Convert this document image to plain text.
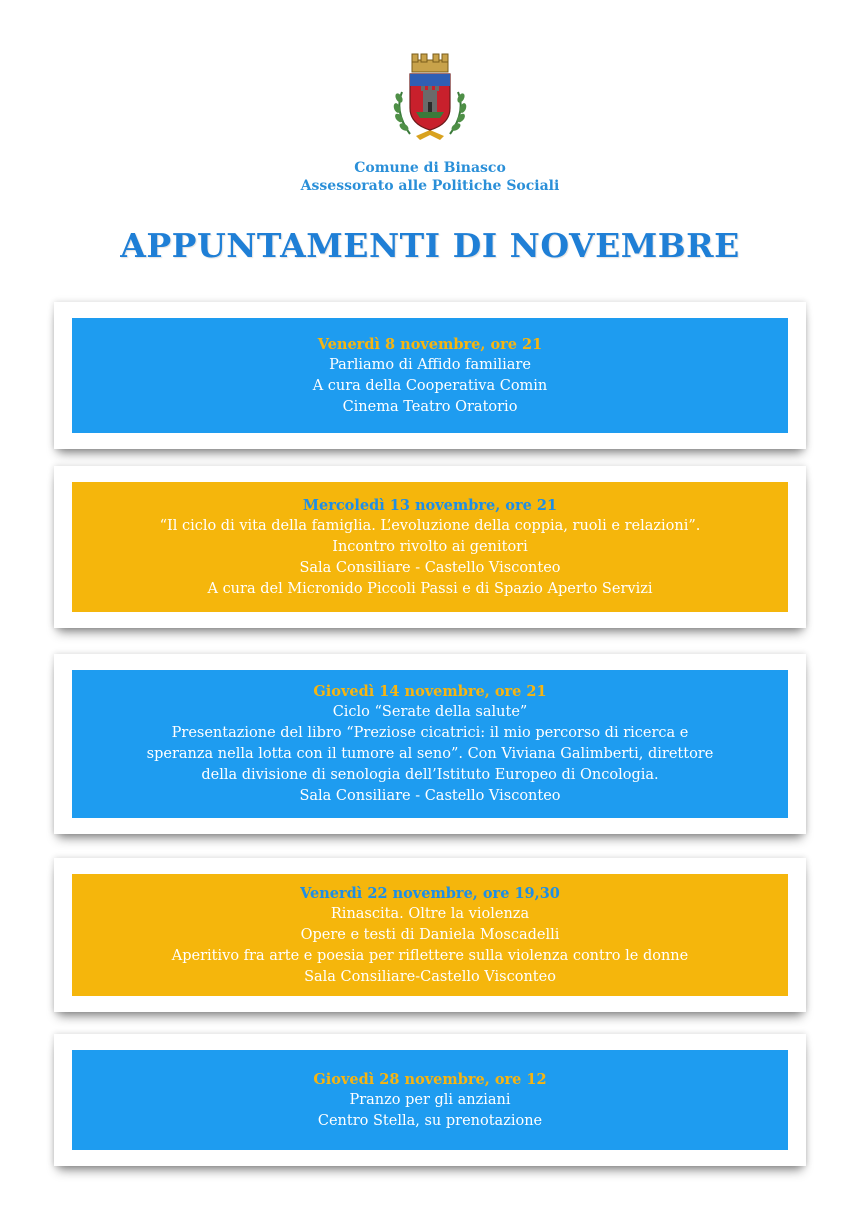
Comune di Binasco
Assessorato alle Politiche Sociali
APPUNTAMENTI DI NOVEMBRE
Venerdì 8 novembre, ore 21
Parliamo di Affido familiare
A cura della Cooperativa Comin
Cinema Teatro Oratorio
Mercoledì 13 novembre, ore 21
“Il ciclo di vita della famiglia. L’evoluzione della coppia, ruoli e relazioni”.
Incontro rivolto ai genitori
Sala Consiliare - Castello Visconteo
A cura del Micronido Piccoli Passi e di Spazio Aperto Servizi
Giovedì 14 novembre, ore 21
Ciclo “Serate della salute”
Presentazione del libro “Preziose cicatrici: il mio percorso di ricerca e
speranza nella lotta con il tumore al seno”. Con Viviana Galimberti, direttore
della divisione di senologia dell’Istituto Europeo di Oncologia.
Sala Consiliare - Castello Visconteo
Venerdì 22 novembre, ore 19,30
Rinascita. Oltre la violenza
Opere e testi di Daniela Moscadelli
Aperitivo fra arte e poesia per riflettere sulla violenza contro le donne
Sala Consiliare-Castello Visconteo
Giovedì 28 novembre, ore 12
Pranzo per gli anziani
Centro Stella, su prenotazione
